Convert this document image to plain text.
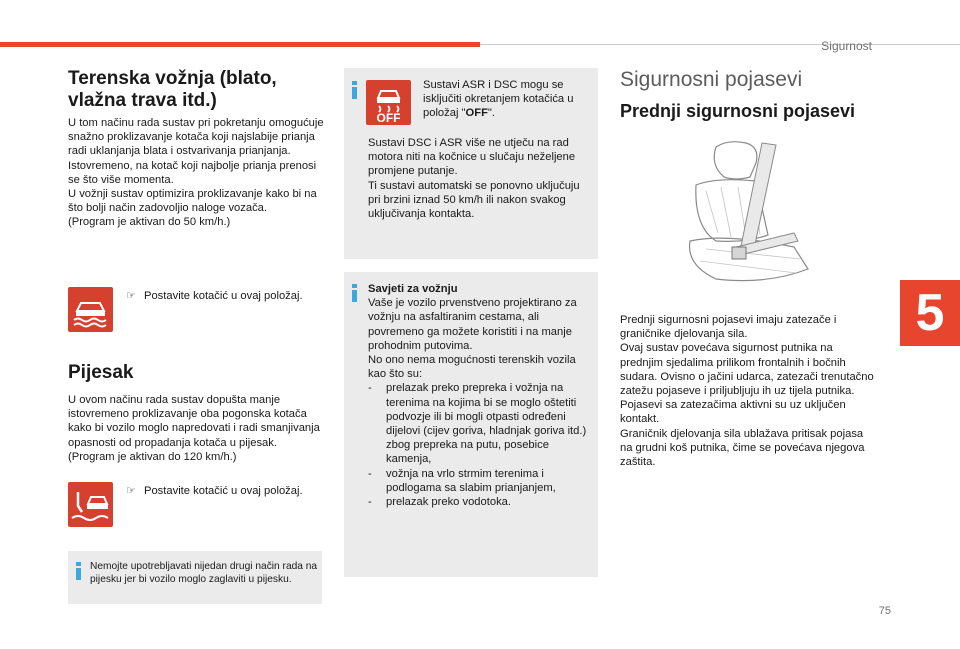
Sigurnost
5
75
Terenska vožnja (blato, vlažna trava itd.)

U tom načinu rada sustav pri pokretanju omogućuje snažno proklizavanje kotača koji najslabije prianja radi uklanjanja blata i ostvarivanja prianjanja. Istovremeno, na kotač koji najbolje prianja prenosi se što više momenta.

U vožnji sustav optimizira proklizavanje kako bi na što bolji način zadovoljio naloge vozača.

(Program je aktivan do 50 km/h.)

☞ Postavite kotačić u ovaj položaj.
Pijesak

U ovom načinu rada sustav dopušta manje istovremeno proklizavanje oba pogonska kotača kako bi vozilo moglo napredovati i radi smanjivanja opasnosti od propadanja kotača u pijesak.

(Program je aktivan do 120 km/h.)

☞ Postavite kotačić u ovaj položaj.
Nemojte upotrebljavati nijedan drugi način rada na pijesku jer bi vozilo moglo zaglaviti u pijesku.
OFF
Sustavi ASR i DSC mogu se isključiti okretanjem kotačića u položaj "OFF".

Sustavi DSC i ASR više ne utječu na rad motora niti na kočnice u slučaju neželjene promjene putanje.

Ti sustavi automatski se ponovno uključuju pri brzini iznad 50 km/h ili nakon svakog uključivanja kontakta.

Savjeti za vožnju

Vaše je vozilo prvenstveno projektirano za vožnju na asfaltiranim cestama, ali povremeno ga možete koristiti i na manje prohodnim putovima.

No ono nema mogućnosti terenskih vozila kao što su:

- prelazak preko prepreka i vožnja na terenima na kojima bi se moglo oštetiti podvozje ili bi mogli otpasti određeni dijelovi (cijev goriva, hladnjak goriva itd.) zbog prepreka na putu, posebice kamenja,
- vožnja na vrlo strmim terenima i podlogama sa slabim prianjanjem,
- prelazak preko vodotoka.
Sigurnosni pojasevi
Prednji sigurnosni pojasevi

Prednji sigurnosni pojasevi imaju zatezače i graničnike djelovanja sila.

Ovaj sustav povećava sigurnost putnika na prednjim sjedalima prilikom frontalnih i bočnih sudara. Ovisno o jačini udarca, zatezači trenutačno zatežu pojaseve i priljubljuju ih uz tijela putnika.

Pojasevi sa zatezačima aktivni su uz uključen kontakt.

Graničnik djelovanja sila ublažava pritisak pojasa na grudni koš putnika, čime se povećava njegova zaštita.
